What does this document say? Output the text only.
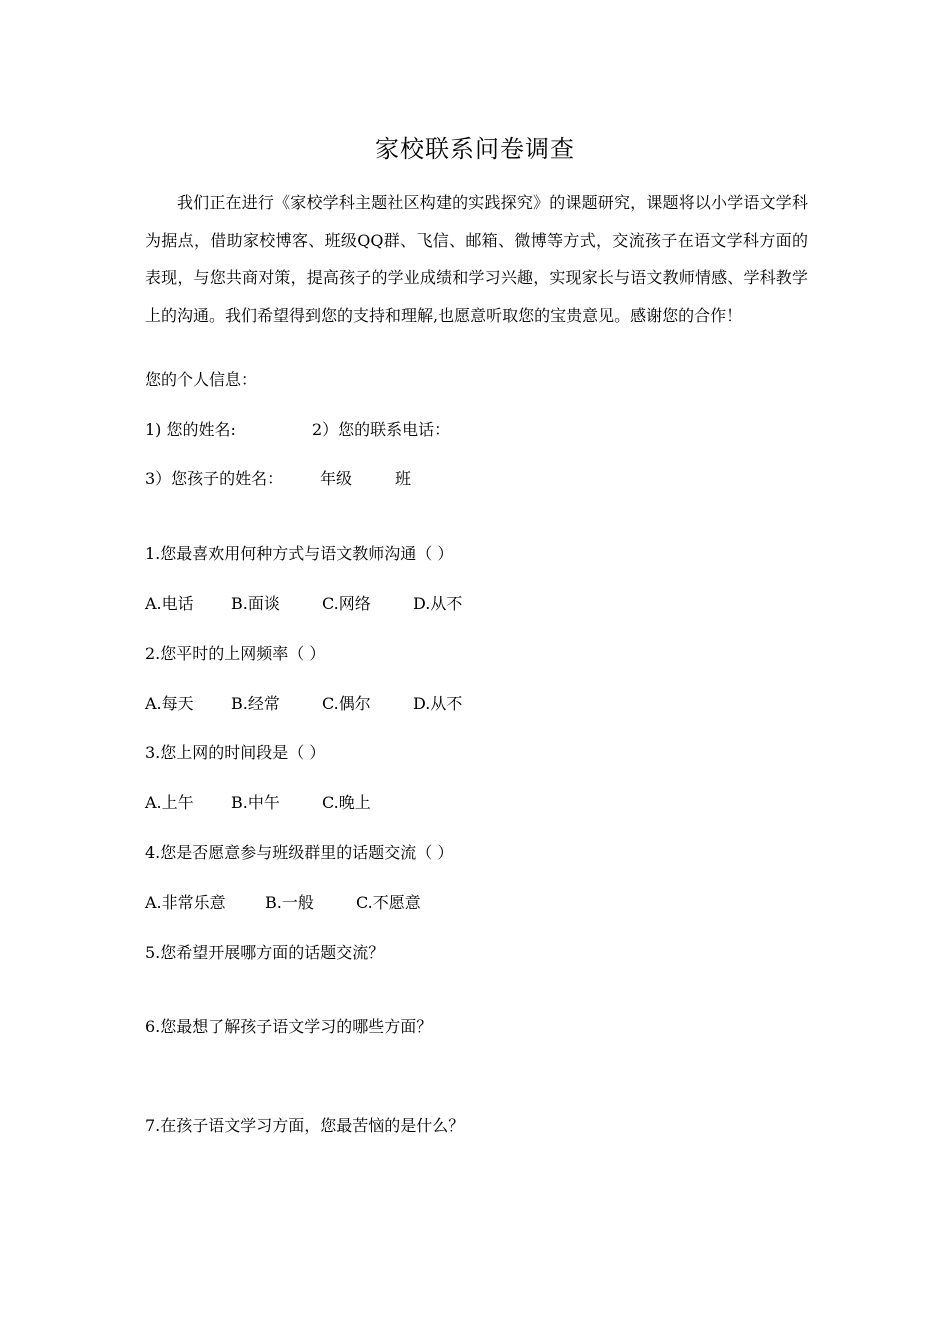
家校联系问卷调查

我们正在进行《家校学科主题社区构建的实践探究》的课题研究，课题将以小学语文学科为据点，借助家校博客、班级QQ群、飞信、邮箱、微博等方式，交流孩子在语文学科方面的表现，与您共商对策，提高孩子的学业成绩和学习兴趣，实现家长与语文教师情感、学科教学上的沟通。我们希望得到您的支持和理解,也愿意听取您的宝贵意见。感谢您的合作！

您的个人信息：
1) 您的姓名:	2）您的联系电话：
3）您孩子的姓名： 年级	班
1.您最喜欢用何种方式与语文教师沟通（ ）
A.电话 B.面谈	C.网络	D.从不
2.您平时的上网频率（ ）
A.每天 B.经常	C.偶尔	D.从不
3.您上网的时间段是（ ）
A.上午 B.中午	C.晚上
4.您是否愿意参与班级群里的话题交流（ ）
A.非常乐意 B.一般	C.不愿意
5.您希望开展哪方面的话题交流？
6.您最想了解孩子语文学习的哪些方面？
7.在孩子语文学习方面，您最苦恼的是什么？
